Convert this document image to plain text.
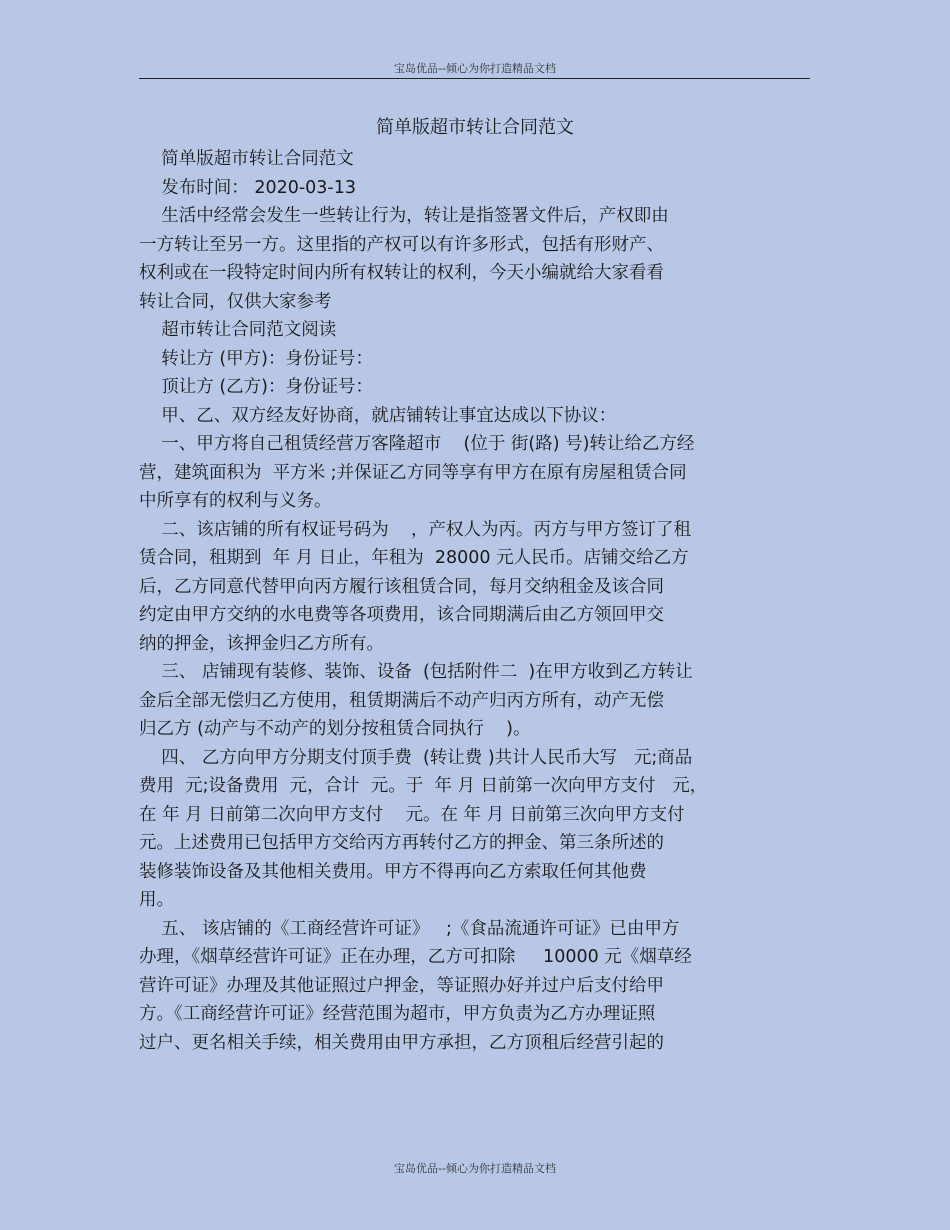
宝岛优品--倾心为你打造精品文档
简单版超市转让合同范文
简单版超市转让合同范文
发布时间： 2020-03-13
生活中经常会发生一些转让行为，转让是指签署文件后，产权即由
一方转让至另一方。这里指的产权可以有许多形式，包括有形财产、
权利或在一段特定时间内所有权转让的权利，今天小编就给大家看看
转让合同，仅供大家参考
超市转让合同范文阅读
转让方 (甲方)：身份证号：
顶让方 (乙方)：身份证号：
甲、乙、双方经友好协商，就店铺转让事宜达成以下协议：
一、甲方将自己租赁经营万客隆超市    (位于 街(路) 号)转让给乙方经
营，建筑面积为  平方米 ;并保证乙方同等享有甲方在原有房屋租赁合同
中所享有的权利与义务。
二、该店铺的所有权证号码为    ，产权人为丙。丙方与甲方签订了租
赁合同，租期到  年 月 日止，年租为  28000 元人民币。店铺交给乙方
后，乙方同意代替甲向丙方履行该租赁合同，每月交纳租金及该合同
约定由甲方交纳的水电费等各项费用，该合同期满后由乙方领回甲交
纳的押金，该押金归乙方所有。
三、 店铺现有装修、装饰、设备  (包括附件二  )在甲方收到乙方转让
金后全部无偿归乙方使用，租赁期满后不动产归丙方所有，动产无偿
归乙方 (动产与不动产的划分按租赁合同执行    )。
四、 乙方向甲方分期支付顶手费  (转让费 )共计人民币大写   元;商品
费用  元;设备费用  元，合计  元。于  年 月 日前第一次向甲方支付   元，
在 年 月 日前第二次向甲方支付    元。在 年 月 日前第三次向甲方支付
元。上述费用已包括甲方交给丙方再转付乙方的押金、第三条所述的
装修装饰设备及其他相关费用。甲方不得再向乙方索取任何其他费
用。
五、 该店铺的《工商经营许可证》   ;《食品流通许可证》已由甲方
办理，《烟草经营许可证》正在办理，乙方可扣除     10000 元《烟草经
营许可证》办理及其他证照过户押金，等证照办好并过户后支付给甲
方。《工商经营许可证》经营范围为超市，甲方负责为乙方办理证照
过户、更名相关手续，相关费用由甲方承担，乙方顶租后经营引起的
宝岛优品--倾心为你打造精品文档
